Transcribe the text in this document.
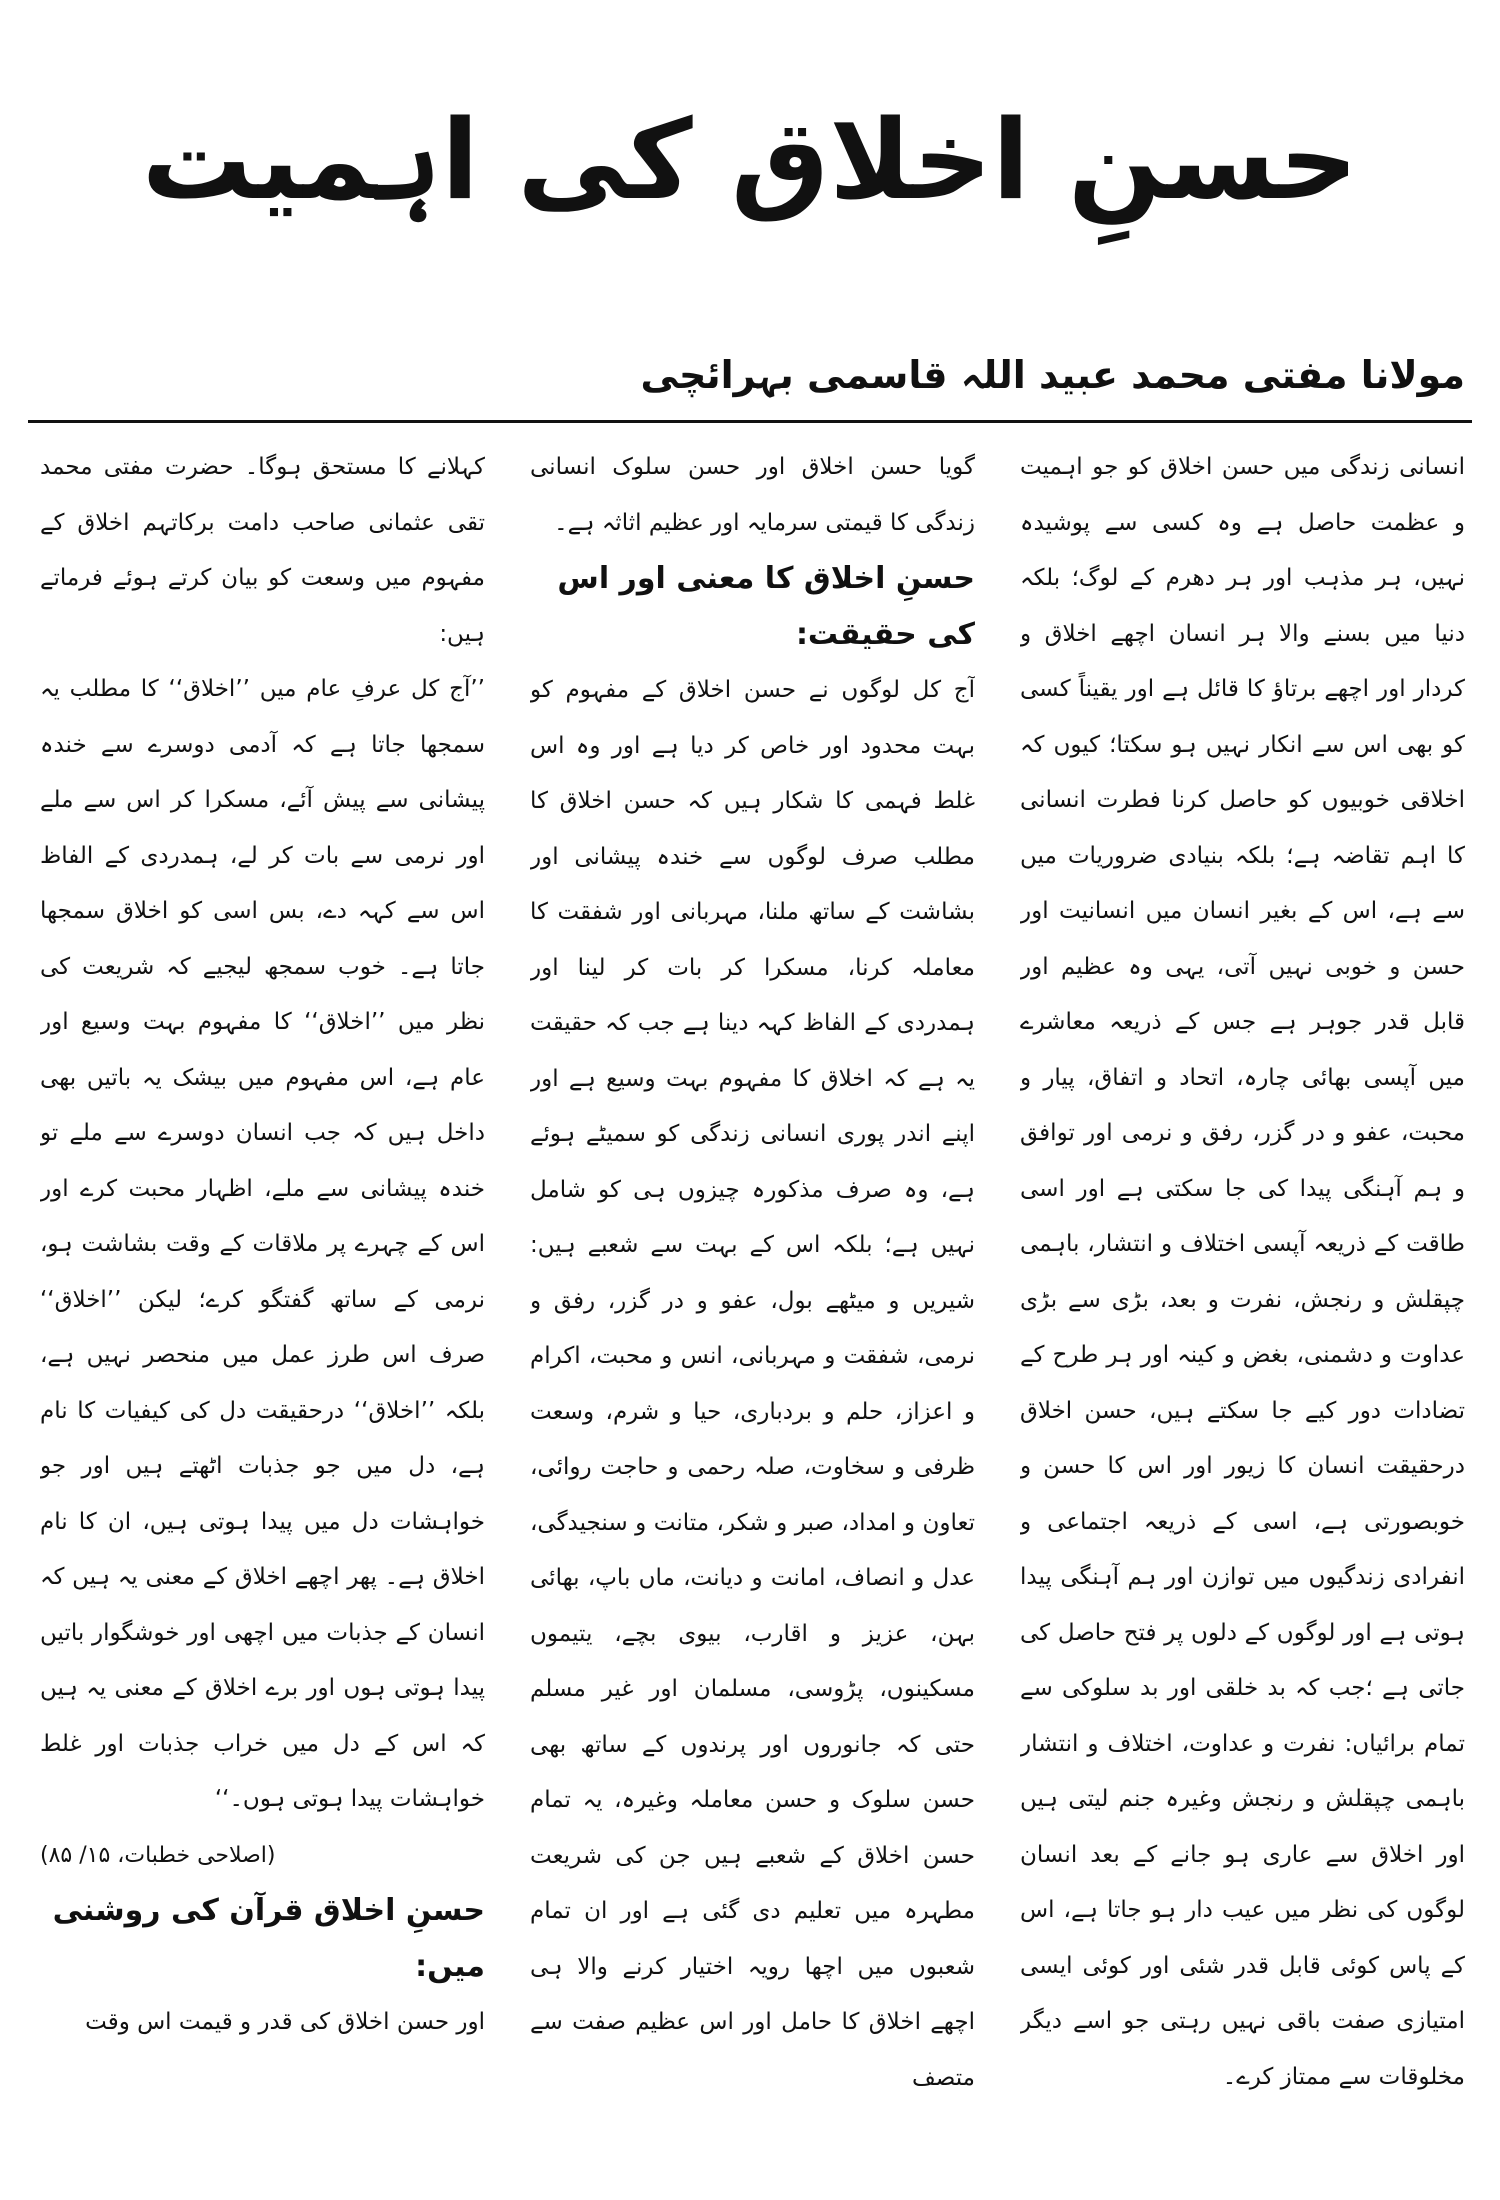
حسنِ اخلاق کی اہمیت
مولانا مفتی محمد عبید اللہ قاسمی بہرائچی

انسانی زندگی میں حسن اخلاق کو جو اہمیت و عظمت حاصل ہے وہ کسی سے پوشیدہ نہیں، ہر مذہب اور ہر دھرم کے لوگ؛ بلکہ دنیا میں بسنے والا ہر انسان اچھے اخلاق و کردار اور اچھے برتاؤ کا قائل ہے اور یقیناً کسی کو بھی اس سے انکار نہیں ہو سکتا؛ کیوں کہ اخلاقی خوبیوں کو حاصل کرنا فطرت انسانی کا اہم تقاضہ ہے؛ بلکہ بنیادی ضروریات میں سے ہے، اس کے بغیر انسان میں انسانیت اور حسن و خوبی نہیں آتی، یہی وہ عظیم اور قابل قدر جوہر ہے جس کے ذریعہ معاشرے میں آپسی بھائی چارہ، اتحاد و اتفاق، پیار و محبت، عفو و در گزر، رفق و نرمی اور توافق و ہم آہنگی پیدا کی جا سکتی ہے اور اسی طاقت کے ذریعہ آپسی اختلاف و انتشار، باہمی چپقلش و رنجش، نفرت و بعد، بڑی سے بڑی عداوت و دشمنی، بغض و کینہ اور ہر طرح کے تضادات دور کیے جا سکتے ہیں، حسن اخلاق درحقیقت انسان کا زیور اور اس کا حسن و خوبصورتی ہے، اسی کے ذریعہ اجتماعی و انفرادی زندگیوں میں توازن اور ہم آہنگی پیدا ہوتی ہے اور لوگوں کے دلوں پر فتح حاصل کی جاتی ہے ؛جب کہ بد خلقی اور بد سلوکی سے تمام برائیاں: نفرت و عداوت، اختلاف و انتشار باہمی چپقلش و رنجش وغیرہ جنم لیتی ہیں اور اخلاق سے عاری ہو جانے کے بعد انسان لوگوں کی نظر میں عیب دار ہو جاتا ہے، اس کے پاس کوئی قابل قدر شئی اور کوئی ایسی امتیازی صفت باقی نہیں رہتی جو اسے دیگر مخلوقات سے ممتاز کرے۔

گویا حسن اخلاق اور حسن سلوک انسانی زندگی کا قیمتی سرمایہ اور عظیم اثاثہ ہے۔

حسنِ اخلاق کا معنی اور اس کی حقیقت:

آج کل لوگوں نے حسن اخلاق کے مفہوم کو بہت محدود اور خاص کر دیا ہے اور وہ اس غلط فہمی کا شکار ہیں کہ حسن اخلاق کا مطلب صرف لوگوں سے خندہ پیشانی اور بشاشت کے ساتھ ملنا، مہربانی اور شفقت کا معاملہ کرنا، مسکرا کر بات کر لینا اور ہمدردی کے الفاظ کہہ دینا ہے جب کہ حقیقت یہ ہے کہ اخلاق کا مفہوم بہت وسیع ہے اور اپنے اندر پوری انسانی زندگی کو سمیٹے ہوئے ہے، وہ صرف مذکورہ چیزوں ہی کو شامل نہیں ہے؛ بلکہ اس کے بہت سے شعبے ہیں: شیریں و میٹھے بول، عفو و در گزر، رفق و نرمی، شفقت و مہربانی، انس و محبت، اکرام و اعزاز، حلم و بردباری، حیا و شرم، وسعت ظرفی و سخاوت، صلہ رحمی و حاجت روائی، تعاون و امداد، صبر و شکر، متانت و سنجیدگی، عدل و انصاف، امانت و دیانت، ماں باپ، بھائی بہن، عزیز و اقارب، بیوی بچے، یتیموں مسکینوں، پڑوسی، مسلمان اور غیر مسلم حتی کہ جانوروں اور پرندوں کے ساتھ بھی حسن سلوک و حسن معاملہ وغیرہ، یہ تمام حسن اخلاق کے شعبے ہیں جن کی شریعت مطہرہ میں تعلیم دی گئی ہے اور ان تمام شعبوں میں اچھا رویہ اختیار کرنے والا ہی اچھے اخلاق کا حامل اور اس عظیم صفت سے متصف

کہلانے کا مستحق ہوگا۔ حضرت مفتی محمد تقی عثمانی صاحب دامت برکاتہم اخلاق کے مفہوم میں وسعت کو بیان کرتے ہوئے فرماتے ہیں:

’’آج کل عرفِ عام میں ’’اخلاق‘‘ کا مطلب یہ سمجھا جاتا ہے کہ آدمی دوسرے سے خندہ پیشانی سے پیش آئے، مسکرا کر اس سے ملے اور نرمی سے بات کر لے، ہمدردی کے الفاظ اس سے کہہ دے، بس اسی کو اخلاق سمجھا جاتا ہے۔ خوب سمجھ لیجیے کہ شریعت کی نظر میں ’’اخلاق‘‘ کا مفہوم بہت وسیع اور عام ہے، اس مفہوم میں بیشک یہ باتیں بھی داخل ہیں کہ جب انسان دوسرے سے ملے تو خندہ پیشانی سے ملے، اظہار محبت کرے اور اس کے چہرے پر ملاقات کے وقت بشاشت ہو، نرمی کے ساتھ گفتگو کرے؛ لیکن ’’اخلاق‘‘ صرف اس طرز عمل میں منحصر نہیں ہے، بلکہ ’’اخلاق‘‘ درحقیقت دل کی کیفیات کا نام ہے، دل میں جو جذبات اٹھتے ہیں اور جو خواہشات دل میں پیدا ہوتی ہیں، ان کا نام اخلاق ہے۔ پھر اچھے اخلاق کے معنی یہ ہیں کہ انسان کے جذبات میں اچھی اور خوشگوار باتیں پیدا ہوتی ہوں اور برے اخلاق کے معنی یہ ہیں کہ اس کے دل میں خراب جذبات اور غلط خواہشات پیدا ہوتی ہوں۔‘‘

(اصلاحی خطبات، ۱۵/ ۸۵)

حسنِ اخلاق قرآن کی روشنی میں:

اور حسن اخلاق کی قدر و قیمت اس وقت
